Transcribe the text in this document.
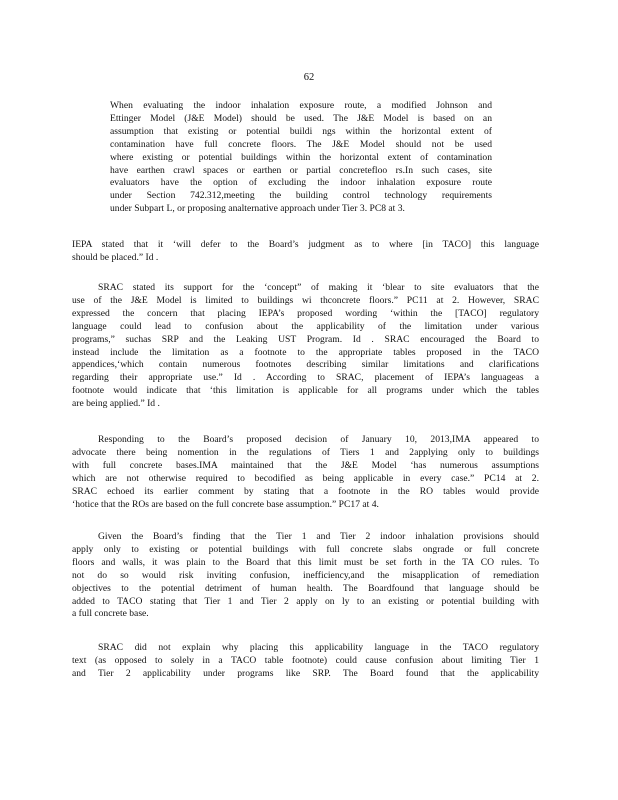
62
When evaluating the indoor inhalation exposure route, a modified Johnson and
Ettinger Model (J&E Model) should be used. The J&E Model is based on an
assumption that existing or potential buildi ngs within the horizontal extent of
contamination have full concrete floors. The J&E Model should not be used
where existing or potential buildings within the horizontal extent of contamination
have earthen crawl spaces or earthen or partial concretefloo rs.In such cases, site
evaluators have the option of excluding the indoor inhalation exposure route
under Section 742.312,meeting the building control technology requirements
under Subpart L, or proposing analternative approach under Tier 3. PC8 at 3.
IEPA stated that it ‘will defer to the Board’s judgment as to where [in TACO] this language
should be placed.” Id .
SRAC stated its support for the ‘concept” of making it ‘blear to site evaluators that the
use of the J&E Model is limited to buildings wi thconcrete floors.” PC11 at 2. However, SRAC
expressed the concern that placing IEPA’s proposed wording ‘within the [TACO] regulatory
language could lead to confusion about the applicability of the limitation under various
programs,” suchas SRP and the Leaking UST Program. Id . SRAC encouraged the Board to
instead include the limitation as a footnote to the appropriate tables proposed in the TACO
appendices,‘which contain numerous footnotes describing similar limitations and clarifications
regarding their appropriate use.” Id . According to SRAC, placement of IEPA’s languageas a
footnote would indicate that ‘this limitation is applicable for all programs under which the tables
are being applied.” Id .
Responding to the Board’s proposed decision of January 10, 2013,IMA appeared to
advocate there being nomention in the regulations of Tiers 1 and 2applying only to buildings
with full concrete bases.IMA maintained that the J&E Model ‘has numerous assumptions
which are not otherwise required to becodified as being applicable in every case.” PC14 at 2.
SRAC echoed its earlier comment by stating that a footnote in the RO tables would provide
‘hotice that the ROs are based on the full concrete base assumption.” PC17 at 4.
Given the Board’s finding that the Tier 1 and Tier 2 indoor inhalation provisions should
apply only to existing or potential buildings with full concrete slabs ongrade or full concrete
floors and walls, it was plain to the Board that this limit must be set forth in the TA CO rules. To
not do so would risk inviting confusion, inefficiency,and the misapplication of remediation
objectives to the potential detriment of human health. The Boardfound that language should be
added to TACO stating that Tier 1 and Tier 2 apply on ly to an existing or potential building with
a full concrete base.
SRAC did not explain why placing this applicability language in the TACO regulatory
text (as opposed to solely in a TACO table footnote) could cause confusion about limiting Tier 1
and Tier 2 applicability under programs like SRP. The Board found that the applicability
